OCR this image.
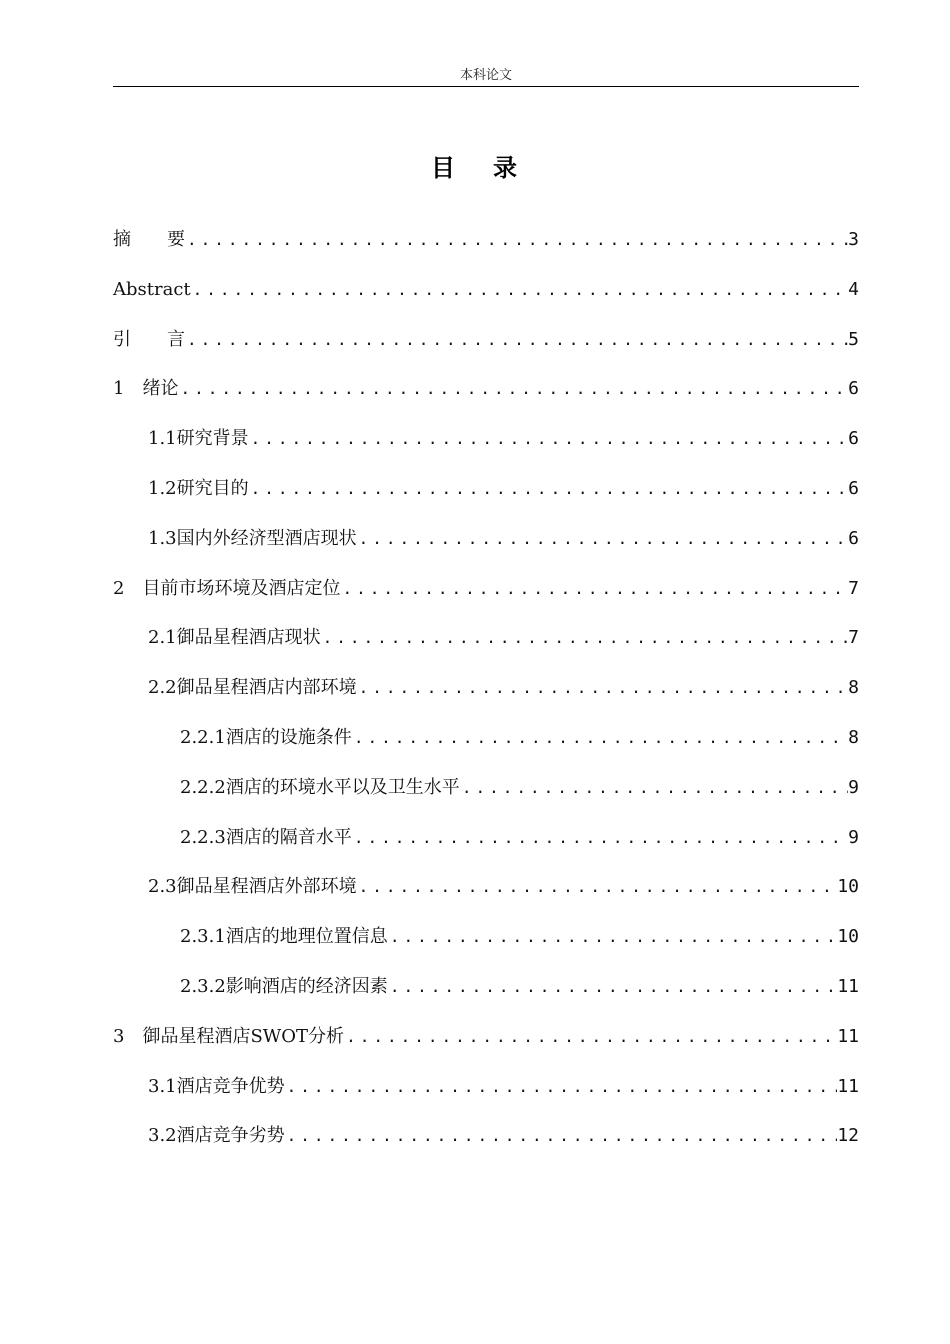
本科论文
目 录
摘　　要 .....	3
Abstract .....	4
引　　言 .....	5
1　 绪论 .....	6
1.1 研究背景 .....	6
1.2 研究目的 .....	6
1.3 国内外经济型酒店现状 .....	6
2　 目前市场环境及酒店定位 .....	7
2.1 御品星程酒店现状 .....	7
2.2 御品星程酒店内部环境 .....	8
2.2.1 酒店的设施条件 .....	8
2.2.2 酒店的环境水平以及卫生水平 .....	9
2.2.3 酒店的隔音水平 .....	9
2.3 御品星程酒店外部环境 .....	10
2.3.1 酒店的地理位置信息 .....	10
2.3.2 影响酒店的经济因素 .....	11
3　 御品星程酒店SWOT分析 .....	11
3.1 酒店竞争优势 .....	11
3.2 酒店竞争劣势 .....	12
